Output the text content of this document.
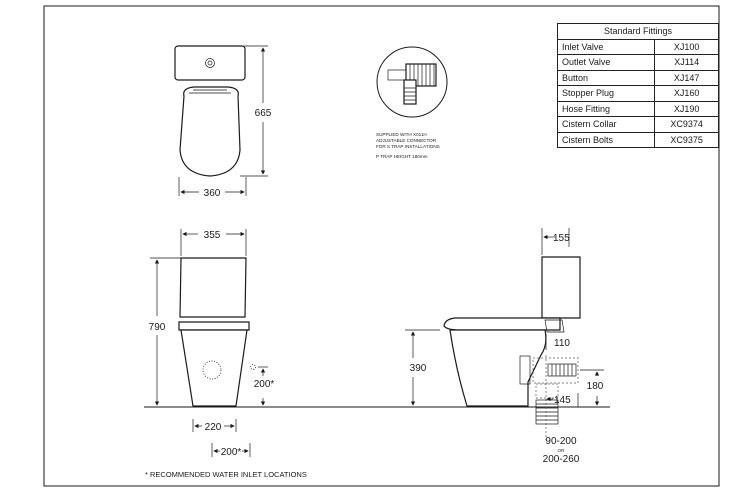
360
665
SUPPLIED WITH X011H
ADJUSTABLE CONNECTOR
FOR S TRAP INSTALLATIONS
P TRAP HEIGHT 180mm
355
790
220
200*
200*
155
110
390
180
145
90-200
OR
200-260
* RECOMMENDED WATER INLET LOCATIONS
Standard Fittings	
Inlet Valve	XJ100
Outlet Valve	XJ114
Button	XJ147
Stopper Plug	XJ160
Hose Fitting	XJ190
Cistern Collar	XC9374
Cistern Bolts	XC9375
